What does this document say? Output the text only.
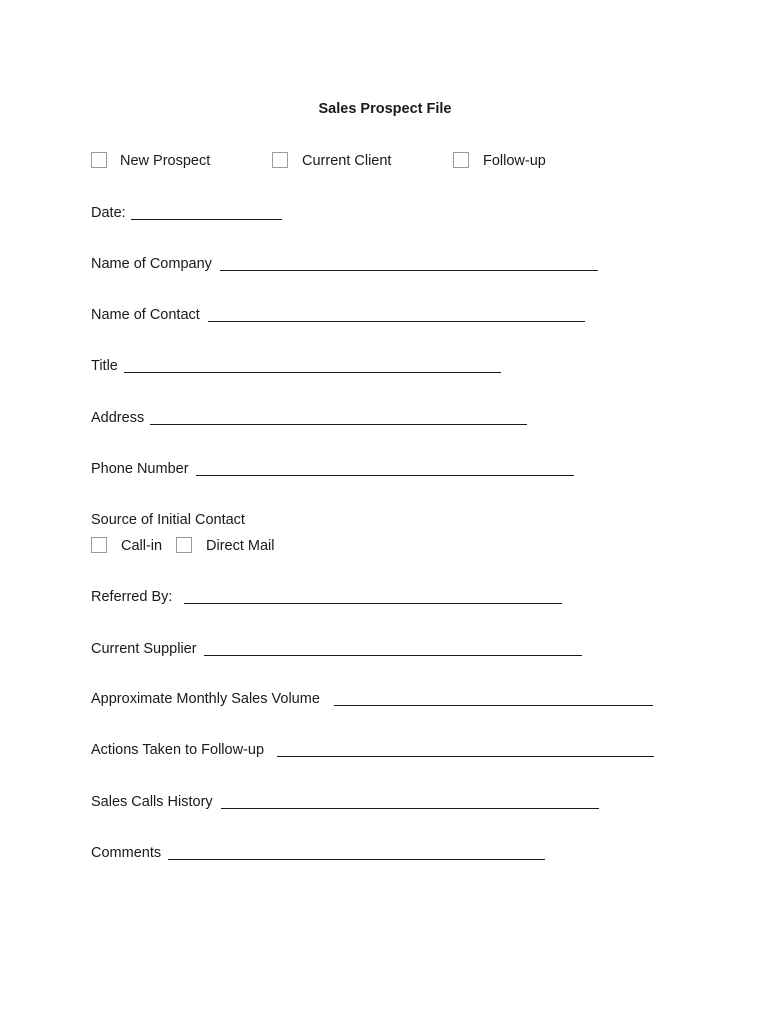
Sales Prospect File
New Prospect	Current Client	Follow-up
Date:
Name of Company
Name of Contact
Title
Address
Phone Number
Source of Initial Contact
Call-in	Direct Mail
Referred By:
Current Supplier
Approximate Monthly Sales Volume
Actions Taken to Follow-up
Sales Calls History
Comments
